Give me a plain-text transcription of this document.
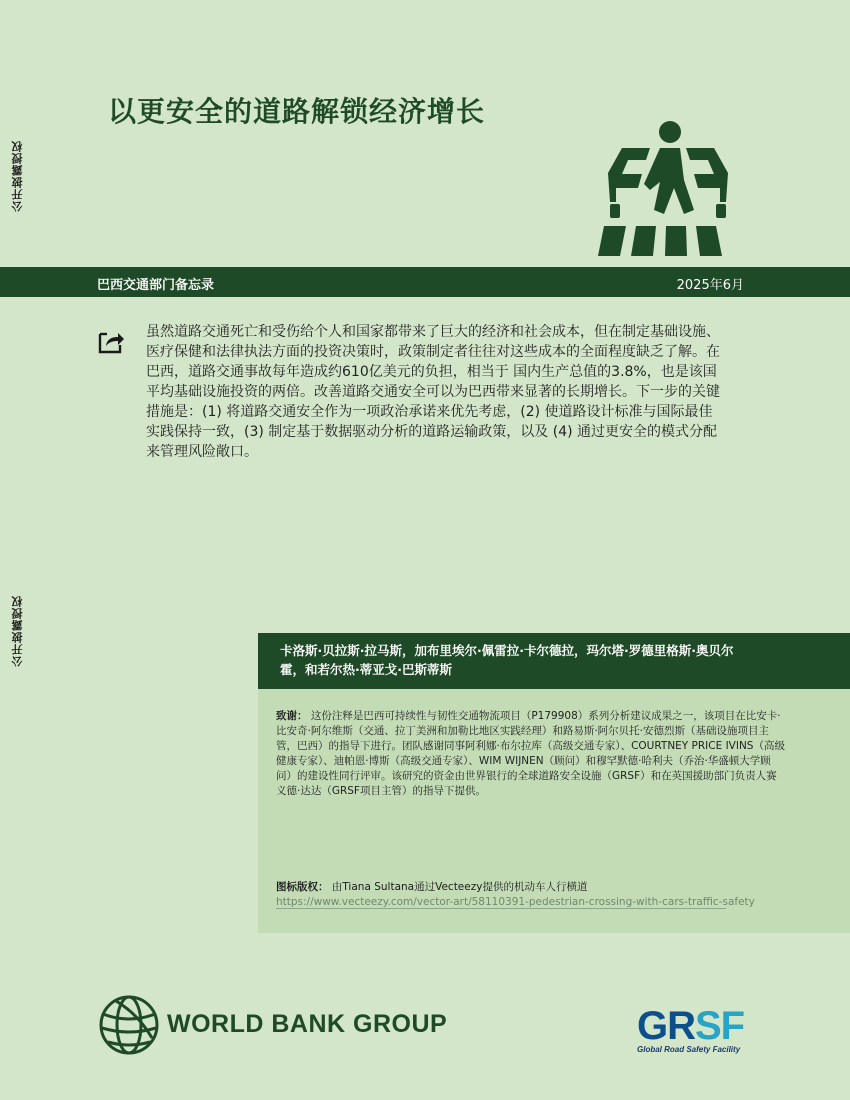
公开披露授权
公开披露授权
以更安全的道路解锁经济增长
巴西交通部门备忘录	2025年6月

虽然道路交通死亡和受伤给个人和国家都带来了巨大的经济和社会成本，但在制定基础设施、医疗保健和法律执法方面的投资决策时，政策制定者往往对这些成本的全面程度缺乏了解。在巴西，道路交通事故每年造成约610亿美元的负担，相当于 国内生产总值的3.8%，也是该国平均基础设施投资的两倍。改善道路交通安全可以为巴西带来显著的长期增长。下一步的关键措施是：(1) 将道路交通安全作为一项政治承诺来优先考虑，(2) 使道路设计标准与国际最佳实践保持一致，(3) 制定基于数据驱动分析的道路运输政策，以及 (4) 通过更安全的模式分配来管理风险敞口。

卡洛斯·贝拉斯·拉马斯，加布里埃尔·佩雷拉·卡尔德拉，玛尔塔·罗德里格斯·奥贝尔霍，和若尔热·蒂亚戈·巴斯蒂斯

致谢： 这份注释是巴西可持续性与韧性交通物流项目（P179908）系列分析建议成果之一，该项目在比安卡·比安奇·阿尔维斯（交通、拉丁美洲和加勒比地区实践经理）和路易斯·阿尔贝托·安德烈斯（基础设施项目主管，巴西）的指导下进行。团队感谢同事阿利娜·布尔拉库（高级交通专家）、COURTNEY PRICE IVINS（高级健康专家）、迪帕恩·博斯（高级交通专家）、WIM WIJNEN（顾问）和穆罕默德·哈利夫（乔治·华盛顿大学顾问）的建设性同行评审。该研究的资金由世界银行的全球道路安全设施（GRSF）和在英国援助部门负责人赛义德·达达（GRSF项目主管）的指导下提供。

图标版权： 由Tiana Sultana通过Vecteezy提供的机动车人行横道
https://www.vecteezy.com/vector-art/58110391-pedestrian-crossing-with-cars-traffic-safety
WORLD BANK GROUP	GRSF
Global Road Safety Facility
